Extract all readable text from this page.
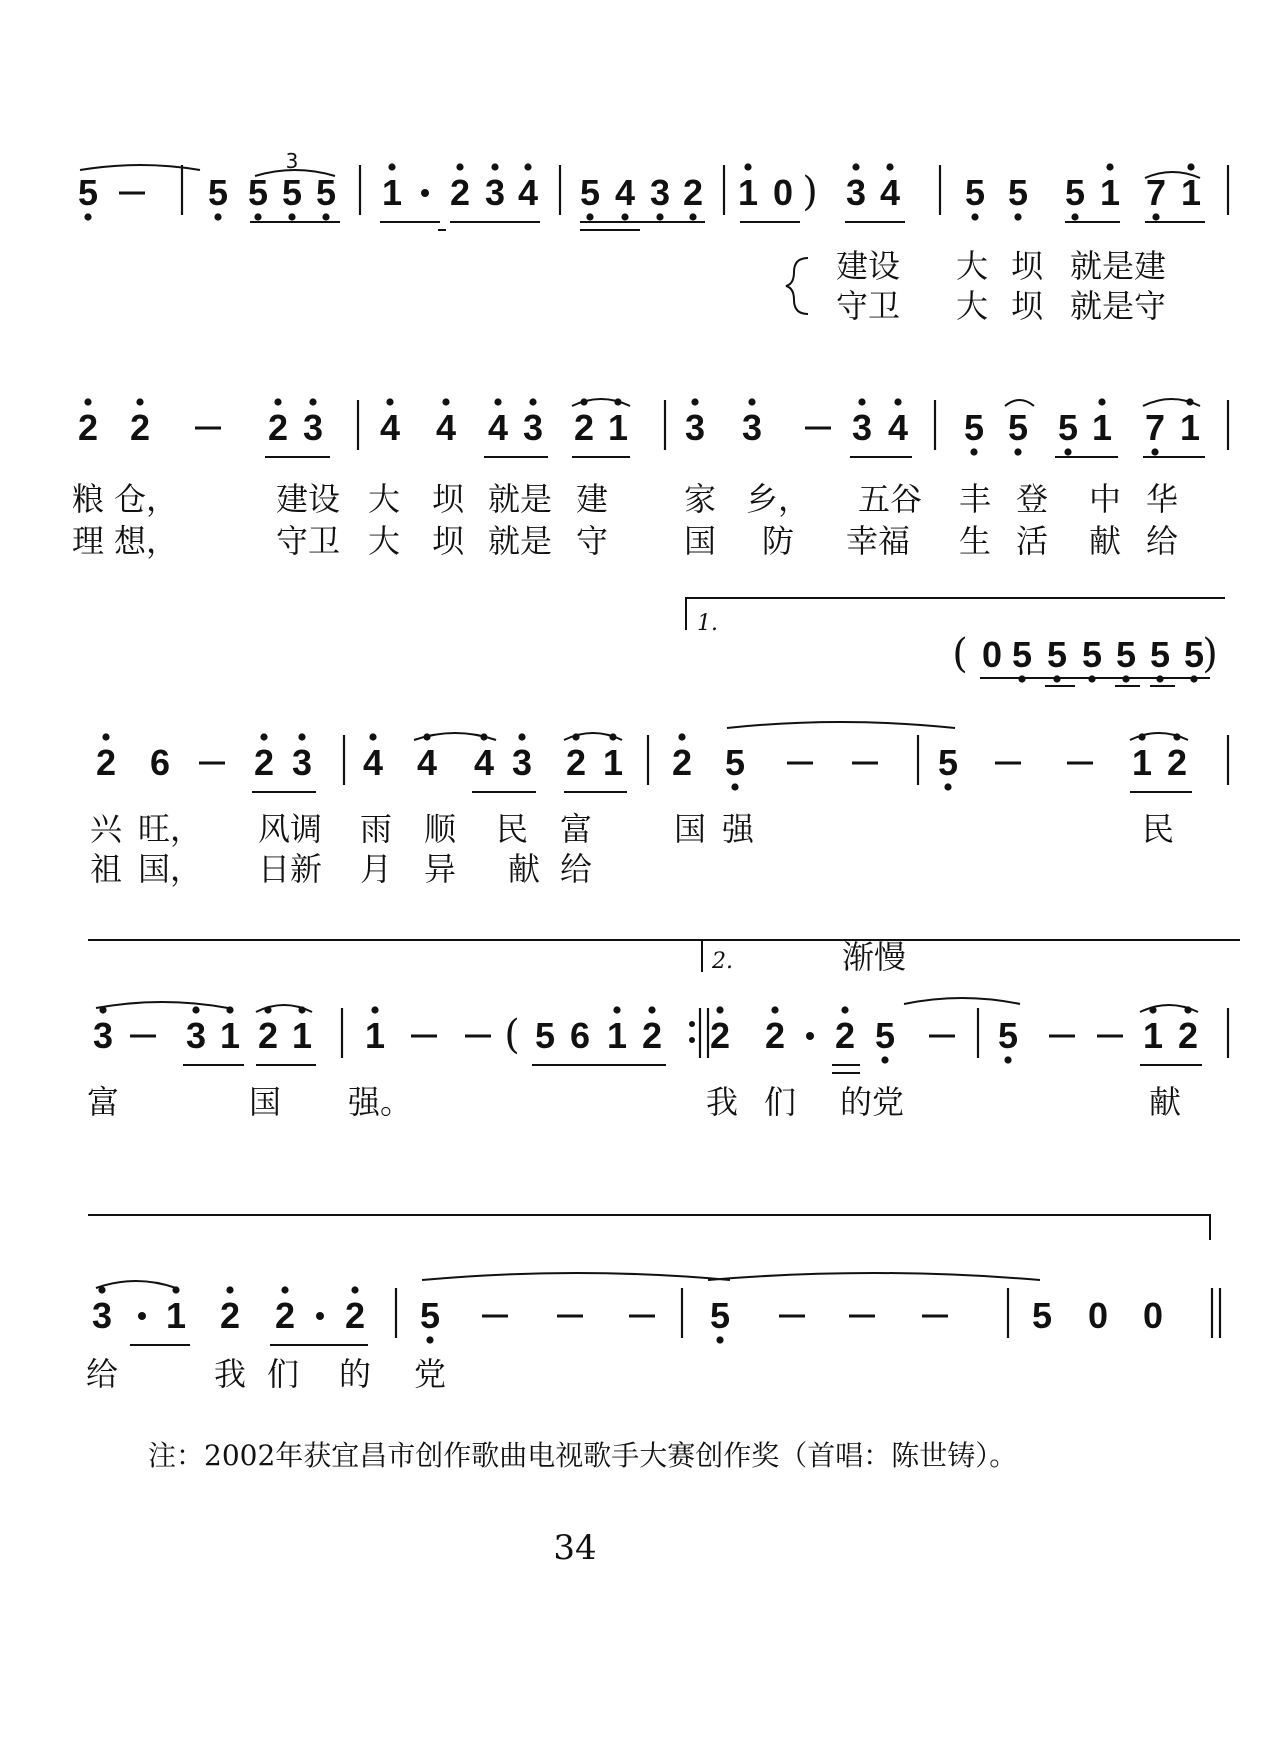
5	5 5 5 5 1 2 3 4 5 4 3 2 1 0 3 4 5 5 5 1 7 1
)
3
建设 大 坝 就是建
守卫 大 坝 就是守
2 2	2 3 4 4 4 3 2 1 3 3 3 4 5 5 5 1 7 1
粮 仓，	建设 大 坝 就是 建 家 乡， 五谷 丰 登 中 华
理 想，	守卫 大 坝 就是 守 国 防 幸福 生 活 献 给
1.
(	)
0 5 5 5 5 5 5
2 6 2 3 4 4 4 3 2 1 2 5	5	1 2
兴 旺， 风调 雨 顺 民 富	国 强	民
祖 国， 日新 月 异 献 给
2.	渐慢
3 3 1 2 1 1	5 6 1 2 2 2 2 5	5	1 2
(
富	国 强。	我 们 的党	献
3 1 2 2 2 5	5	5 0 0
给	我 们 的 党

注：2002年获宜昌市创作歌曲电视歌手大赛创作奖（首唱：陈世铸）。

34
